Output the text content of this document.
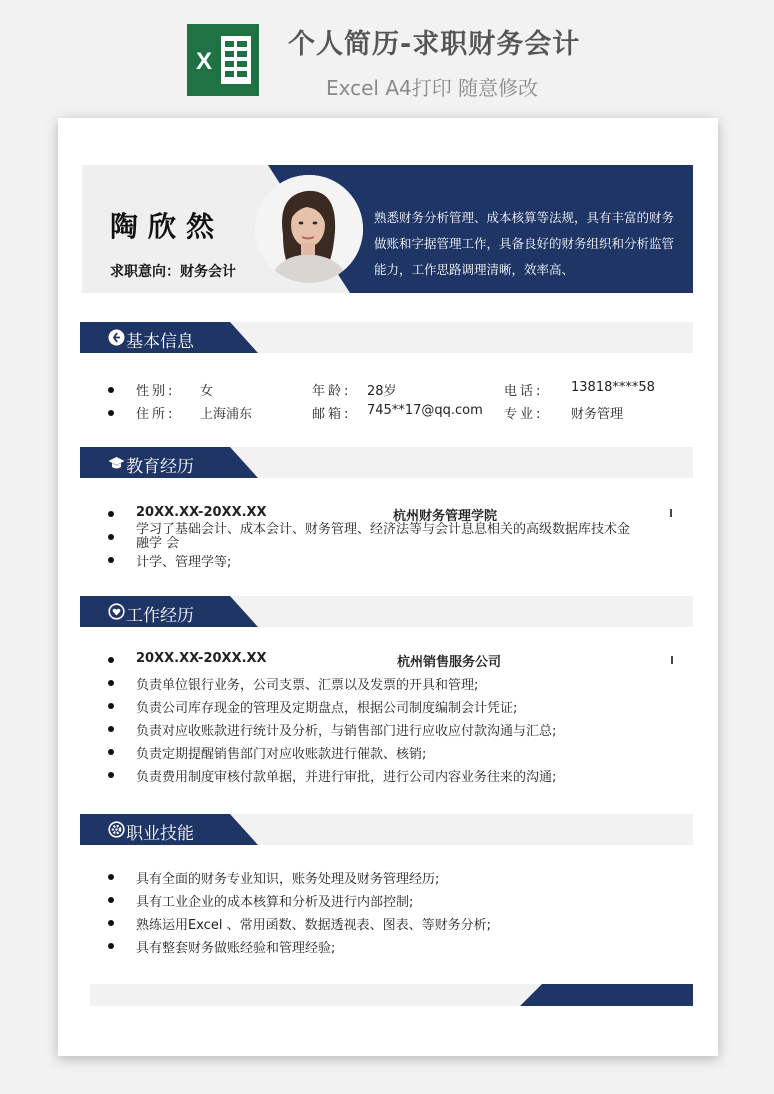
X
个人简历-求职财务会计
Excel A4打印 随意修改
陶欣然
求职意向：财务会计
熟悉财务分析管理、成本核算等法规，具有丰富的财务做账和字据管理工作，具备良好的财务组织和分析监管能力，工作思路调理清晰，效率高、
基本信息
性别: 女	年龄: 28岁	电话: 13818****58
住所: 上海浦东	邮箱: 745**17@qq.com 专业: 财务管理
教育经历
20XX.XX-20XX.XX	杭州财务管理学院
计学、管理学等;
学习了基础会计、成本会计、财务管理、经济法等与会计息息相关的高级数据库技术金
融学 会
工作经历
20XX.XX-20XX.XX	杭州销售服务公司
负责单位银行业务，公司支票、汇票以及发票的开具和管理;
负责公司库存现金的管理及定期盘点，根据公司制度编制会计凭证;
负责对应收账款进行统计及分析，与销售部门进行应收应付款沟通与汇总;
负责定期提醒销售部门对应收账款进行催款、核销;
负责费用制度审核付款单据，并进行审批，进行公司内容业务往来的沟通;
职业技能
具有全面的财务专业知识，账务处理及财务管理经历;
具有工业企业的成本核算和分析及进行内部控制;
熟练运用Excel 、常用函数、数据透视表、图表、等财务分析;
具有整套财务做账经验和管理经验;
